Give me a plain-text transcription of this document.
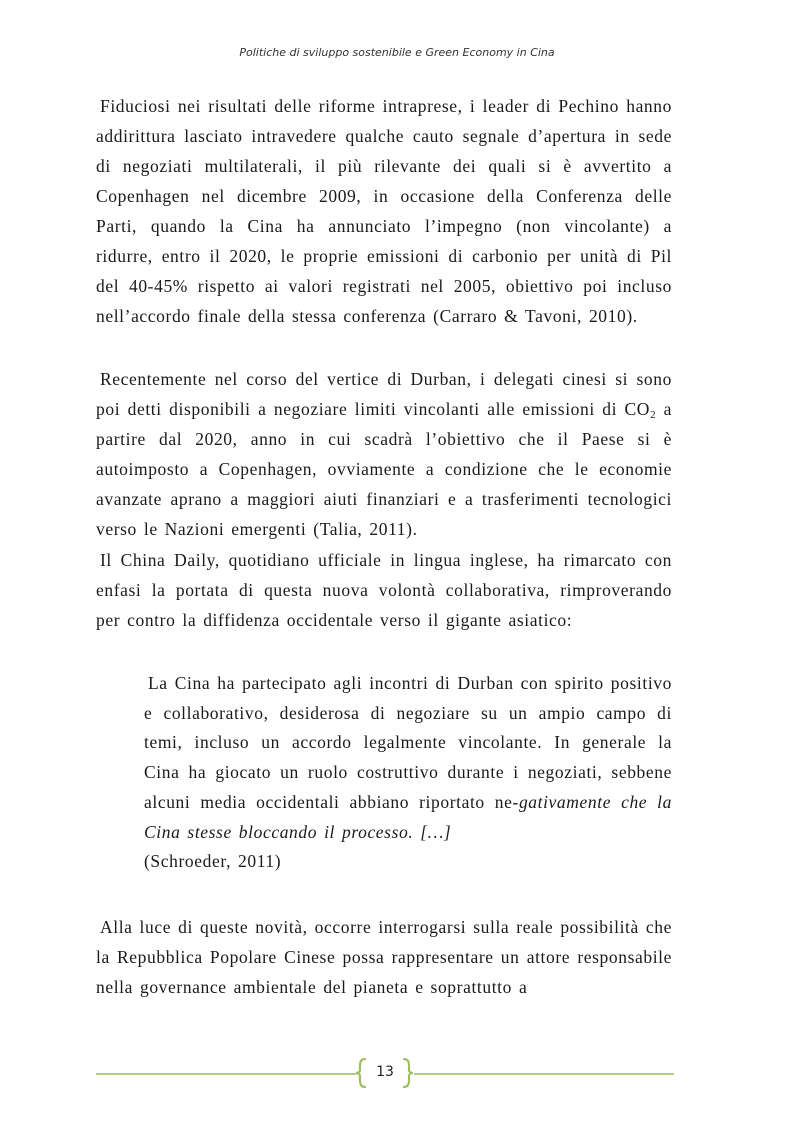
Politiche di sviluppo sostenibile e Green Economy in Cina

Fiduciosi nei risultati delle riforme intraprese, i leader di Pechino hanno addirittura lasciato intravedere qualche cauto segnale d’apertura in sede di negoziati multilaterali, il più rilevante dei quali si è avvertito a Copenhagen nel dicembre 2009, in occasione della Conferenza delle Parti, quando la Cina ha annunciato l’impegno (non vincolante) a ridurre, entro il 2020, le proprie emissioni di carbonio per unità di Pil del 40-45% rispetto ai valori registrati nel 2005, obiettivo poi incluso nell’accordo finale della stessa conferenza (Carraro & Tavoni, 2010).

Recentemente nel corso del vertice di Durban, i delegati cinesi si sono poi detti disponibili a negoziare limiti vincolanti alle emissioni di $CO_2$ a partire dal 2020, anno in cui scadrà l’obiettivo che il Paese si è autoimposto a Copenhagen, ovviamente a condizione che le economie avanzate aprano a maggiori aiuti finanziari e a trasferimenti tecnologici verso le Nazioni emergenti (Talia, 2011).

Il China Daily, quotidiano ufficiale in lingua inglese, ha rimarcato con enfasi la portata di questa nuova volontà collaborativa, rimproverando per contro la diffidenza occidentale verso il gigante asiatico:

La Cina ha partecipato agli incontri di Durban con spirito positivo e collaborativo, desiderosa di negoziare su un ampio campo di temi, incluso un accordo legalmente vincolante. In generale la Cina ha giocato un ruolo costruttivo durante i negoziati, sebbene alcuni media occidentali abbiano riportato ne-gativamente che la Cina stesse bloccando il processo. […]
(Schroeder, 2011)

Alla luce di queste novità, occorre interrogarsi sulla reale possibilità che la Repubblica Popolare Cinese possa rappresentare un attore responsabile nella governance ambientale del pianeta e soprattutto a

13
